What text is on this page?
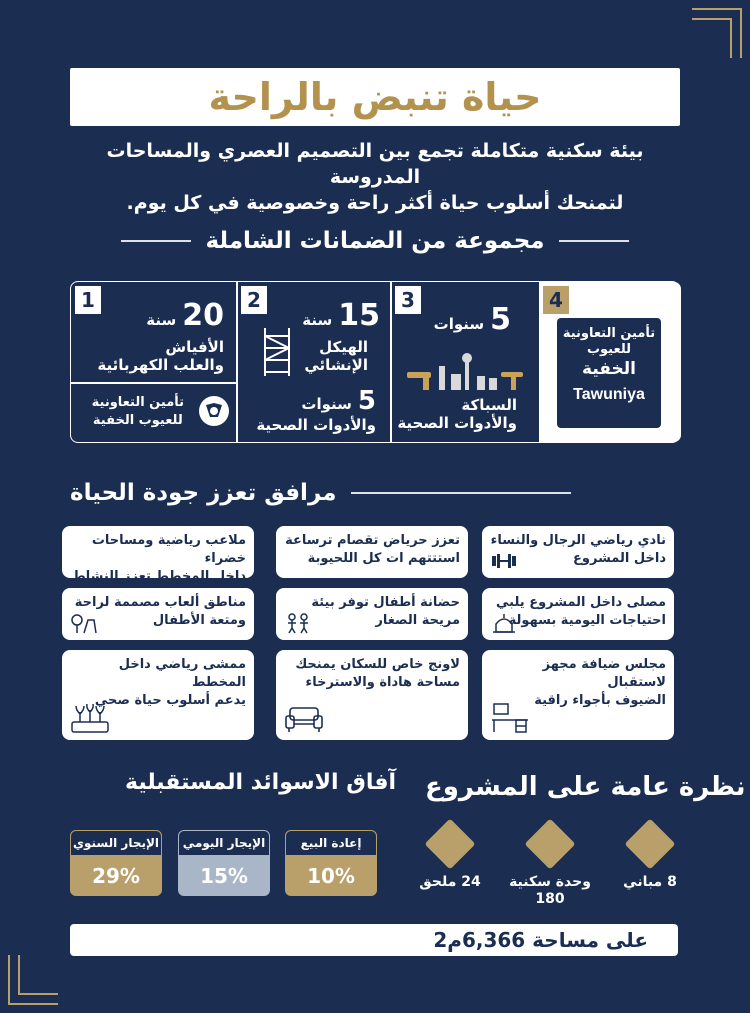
حياة تنبض بالراحة
بيئة سكنية متكاملة تجمع بين التصميم العصري والمساحات المدروسة
لتمنحك أسلوب حياة أكثر راحة وخصوصية في كل يوم.
مجموعة من الضمانات الشاملة
1	20
سنة
الأفياش
والعلب الكهربائية
تأمين التعاونية
للعيوب الخفية
2	15
سنة
الهيكل
الإنشائي
5
سنوات
والأدوات الصحية
3
5
سنوات
السباكة
والأدوات الصحية
4
تأمين التعاونية
للعيوب
الخفية
Tawuniya
مرافق تعزز جودة الحياة
نادي رياضي الرجال والنساء
داخل المشروع
تعزز حرياض تقصام ترساعة
استتتهم ات كل اللحيوبة
ملاعب رياضية ومساحات خضراء
داخل المخطط تعزز النشاط
مصلى داخل المشروع يلبي
احتياجات اليومية بسهولة
حضانة أطفال توفر بيئة
مريحة الصغار
مناطق ألعاب مصممة لراحة
ومتعة الأطفال
مجلس ضيافة مجهز لاستقبال
الضيوف بأجواء راقية
لاونج خاص للسكان يمنحك
مساحة هاداة والاسترخاء
ممشى رياضي داخل المخطط
يدعم أسلوب حياة صحي
نظرة عامة على المشروع
8 مباني
وحدة سكنية
180
24 ملحق
آفاق الاسوائد المستقبلية
إعادة البيع
10%
الإيجار اليومي
15%
الإيجار السنوي
29%
على مساحة 6,366م2
